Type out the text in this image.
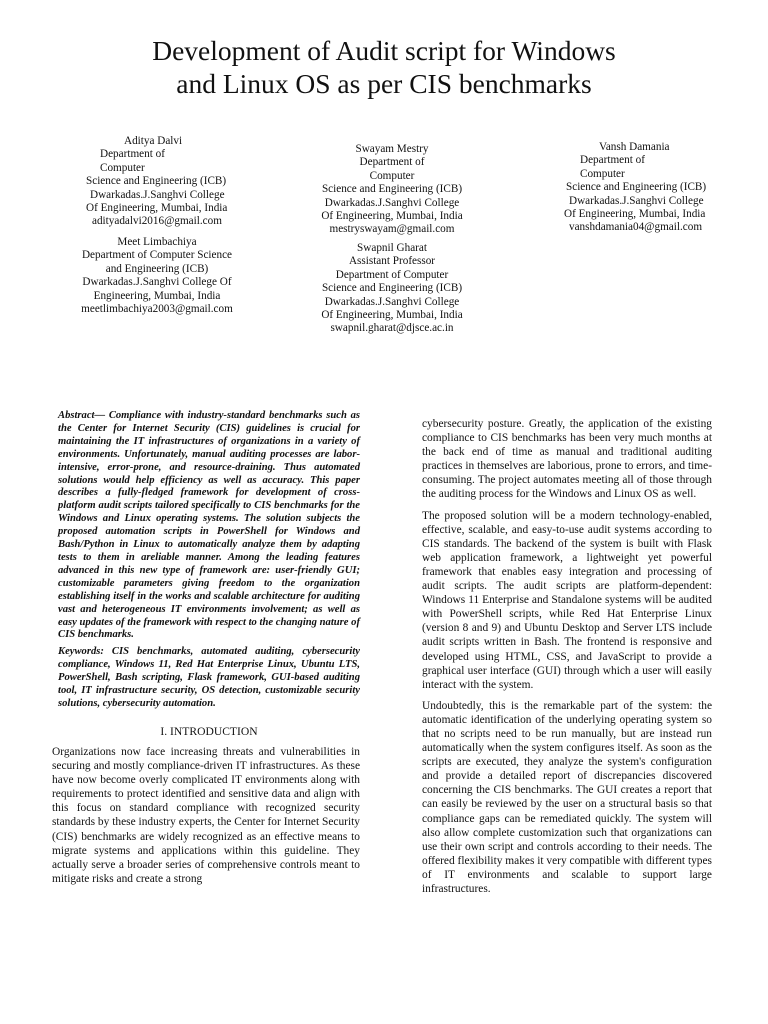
Development of Audit script for Windows
and Linux OS as per CIS benchmarks
Aditya Dalvi
Department of
Computer
Science and Engineering (ICB)
Dwarkadas.J.Sanghvi College
Of Engineering, Mumbai, India
adityadalvi2016@gmail.com
Swayam Mestry
Department of
Computer
Science and Engineering (ICB)
Dwarkadas.J.Sanghvi College
Of Engineering, Mumbai, India
mestryswayam@gmail.com
Vansh Damania
Department of
Computer
Science and Engineering (ICB)
Dwarkadas.J.Sanghvi College
Of Engineering, Mumbai, India
vanshdamania04@gmail.com
Meet Limbachiya
Department of Computer Science
and Engineering (ICB)
Dwarkadas.J.Sanghvi College Of
Engineering, Mumbai, India
meetlimbachiya2003@gmail.com
Swapnil Gharat
Assistant Professor
Department of Computer
Science and Engineering (ICB)
Dwarkadas.J.Sanghvi College
Of Engineering, Mumbai, India
swapnil.gharat@djsce.ac.in

Abstract— Compliance with industry-standard benchmarks such as the Center for Internet Security (CIS) guidelines is crucial for maintaining the IT infrastructures of organizations in a variety of environments. Unfortunately, manual auditing processes are labor-intensive, error-prone, and resource-draining. Thus automated solutions would help efficiency as well as accuracy. This paper describes a fully-fledged framework for development of cross-platform audit scripts tailored specifically to CIS benchmarks for the Windows and Linux operating systems. The solution subjects the proposed automation scripts in PowerShell for Windows and Bash/Python in Linux to automatically analyze them by adapting tests to them in areliable manner. Among the leading features advanced in this new type of framework are: user-friendly GUI; customizable parameters giving freedom to the organization establishing itself in the works and scalable architecture for auditing vast and heterogeneous IT environments involvement; as well as easy updates of the framework with respect to the changing nature of CIS benchmarks.

Keywords: CIS benchmarks, automated auditing, cybersecurity compliance, Windows 11, Red Hat Enterprise Linux, Ubuntu LTS, PowerShell, Bash scripting, Flask framework, GUI-based auditing tool, IT infrastructure security, OS detection, customizable security solutions, cybersecurity automation.

I. INTRODUCTION

Organizations now face increasing threats and vulnerabilities in securing and mostly compliance-driven IT infrastructures. As these have now become overly complicated IT environments along with requirements to protect identified and sensitive data and align with this focus on standard compliance with recognized security standards by these industry experts, the Center for Internet Security (CIS) benchmarks are widely recognized as an effective means to migrate systems and applications within this guideline. They actually serve a broader series of comprehensive controls meant to mitigate risks and create a strong

cybersecurity posture. Greatly, the application of the existing compliance to CIS benchmarks has been very much months at the back end of time as manual and traditional auditing practices in themselves are laborious, prone to errors, and time-consuming. The project automates meeting all of those through the auditing process for the Windows and Linux OS as well.

The proposed solution will be a modern technology-enabled, effective, scalable, and easy-to-use audit systems according to CIS standards. The backend of the system is built with Flask web application framework, a lightweight yet powerful framework that enables easy integration and processing of audit scripts. The audit scripts are platform-dependent: Windows 11 Enterprise and Standalone systems will be audited with PowerShell scripts, while Red Hat Enterprise Linux (version 8 and 9) and Ubuntu Desktop and Server LTS include audit scripts written in Bash. The frontend is responsive and developed using HTML, CSS, and JavaScript to provide a graphical user interface (GUI) through which a user will easily interact with the system.

Undoubtedly, this is the remarkable part of the system: the automatic identification of the underlying operating system so that no scripts need to be run manually, but are instead run automatically when the system configures itself. As soon as the scripts are executed, they analyze the system's configuration and provide a detailed report of discrepancies discovered concerning the CIS benchmarks. The GUI creates a report that can easily be reviewed by the user on a structural basis so that compliance gaps can be remediated quickly. The system will also allow complete customization such that organizations can use their own script and controls according to their needs. The offered flexibility makes it very compatible with different types of IT environments and scalable to support large infrastructures.
